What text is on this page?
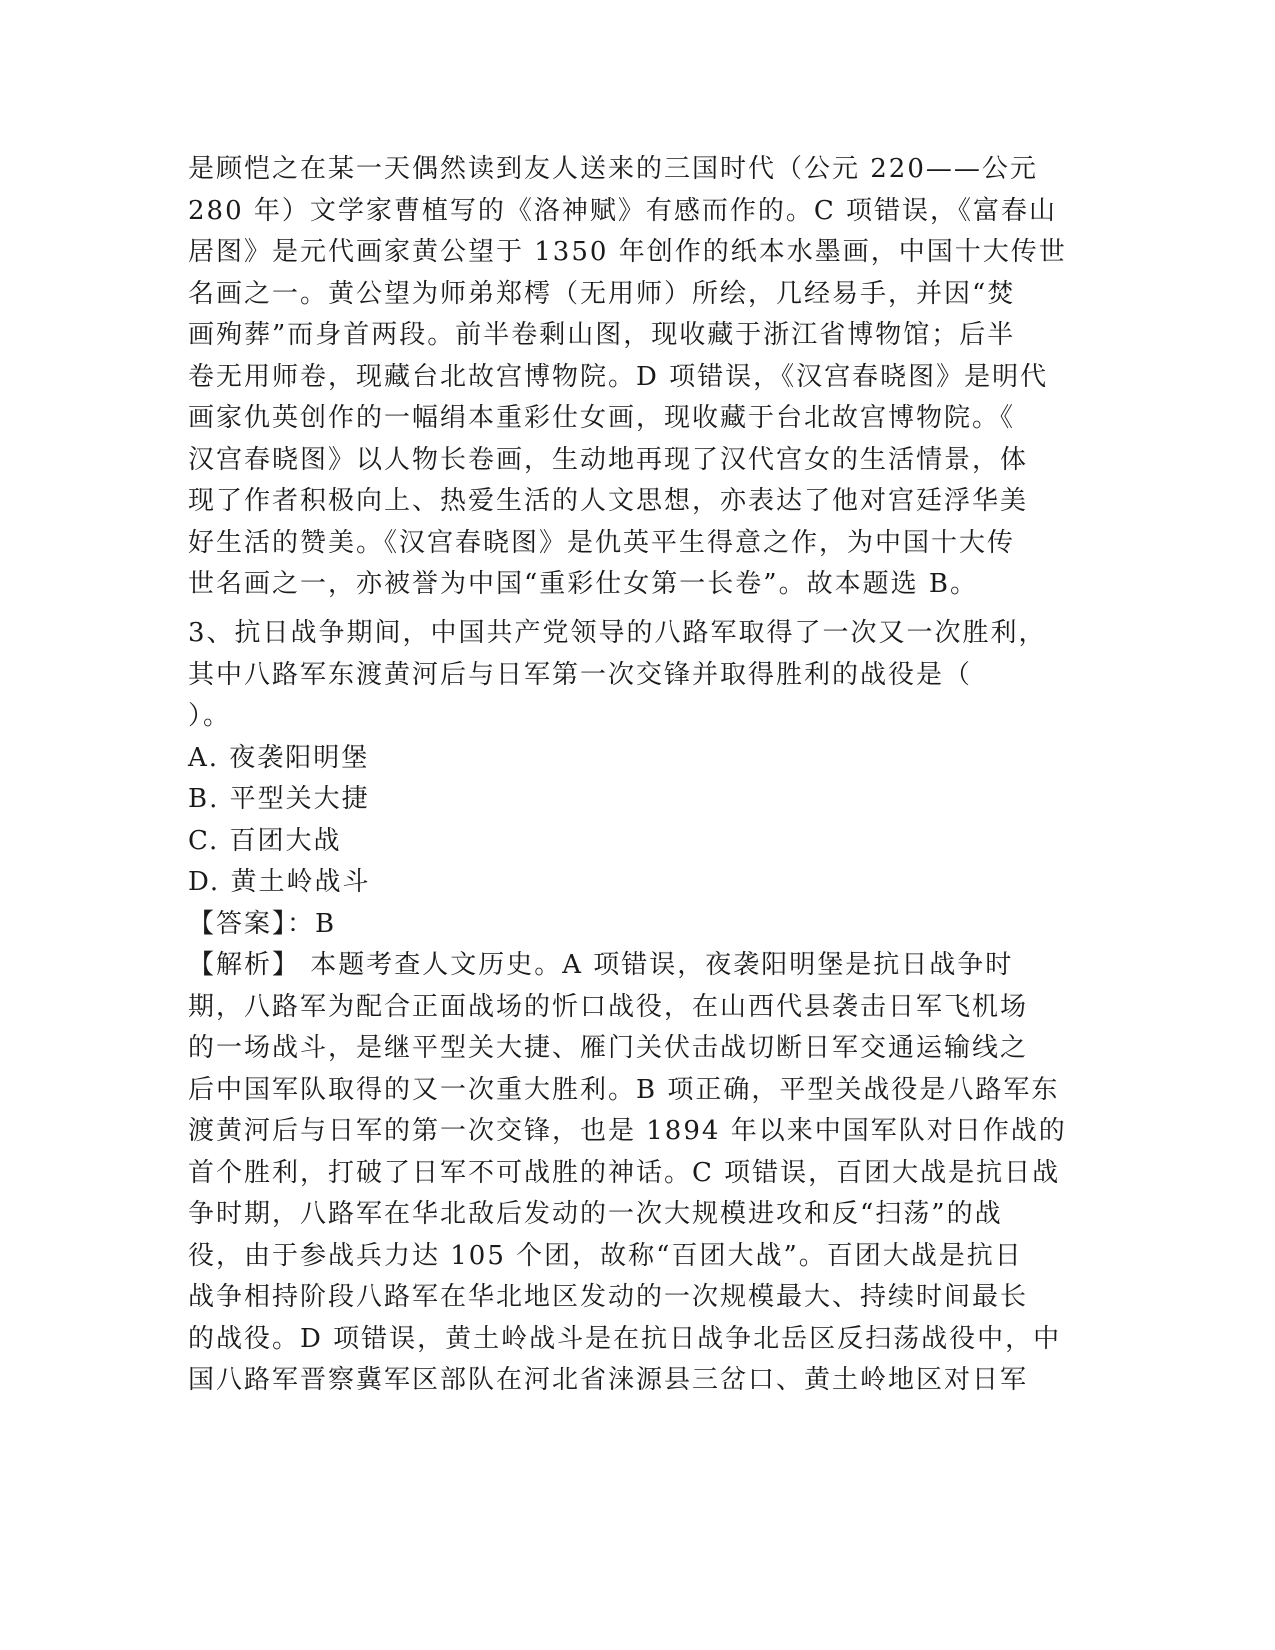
是顾恺之在某一天偶然读到友人送来的三国时代（公元 220——公元
280 年）文学家曹植写的《洛神赋》有感而作的。C 项错误，《富春山
居图》是元代画家黄公望于 1350 年创作的纸本水墨画，中国十大传世
名画之一。黄公望为师弟郑樗（无用师）所绘，几经易手，并因“焚
画殉葬”而身首两段。前半卷剩山图，现收藏于浙江省博物馆；后半
卷无用师卷，现藏台北故宫博物院。D 项错误，《汉宫春晓图》是明代
画家仇英创作的一幅绢本重彩仕女画，现收藏于台北故宫博物院。《
汉宫春晓图》以人物长卷画，生动地再现了汉代宫女的生活情景，体
现了作者积极向上、热爱生活的人文思想，亦表达了他对宫廷浮华美
好生活的赞美。《汉宫春晓图》是仇英平生得意之作，为中国十大传
世名画之一，亦被誉为中国“重彩仕女第一长卷”。故本题选 B。
3、抗日战争期间，中国共产党领导的八路军取得了一次又一次胜利，
其中八路军东渡黄河后与日军第一次交锋并取得胜利的战役是（
）。
A. 夜袭阳明堡
B. 平型关大捷
C. 百团大战
D. 黄土岭战斗
【答案】：B
【解析】 本题考查人文历史。A 项错误，夜袭阳明堡是抗日战争时
期，八路军为配合正面战场的忻口战役，在山西代县袭击日军飞机场
的一场战斗，是继平型关大捷、雁门关伏击战切断日军交通运输线之
后中国军队取得的又一次重大胜利。B 项正确，平型关战役是八路军东
渡黄河后与日军的第一次交锋，也是 1894 年以来中国军队对日作战的
首个胜利，打破了日军不可战胜的神话。C 项错误，百团大战是抗日战
争时期，八路军在华北敌后发动的一次大规模进攻和反“扫荡”的战
役，由于参战兵力达 105 个团，故称“百团大战”。百团大战是抗日
战争相持阶段八路军在华北地区发动的一次规模最大、持续时间最长
的战役。D 项错误，黄土岭战斗是在抗日战争北岳区反扫荡战役中，中
国八路军晋察冀军区部队在河北省涞源县三岔口、黄土岭地区对日军
